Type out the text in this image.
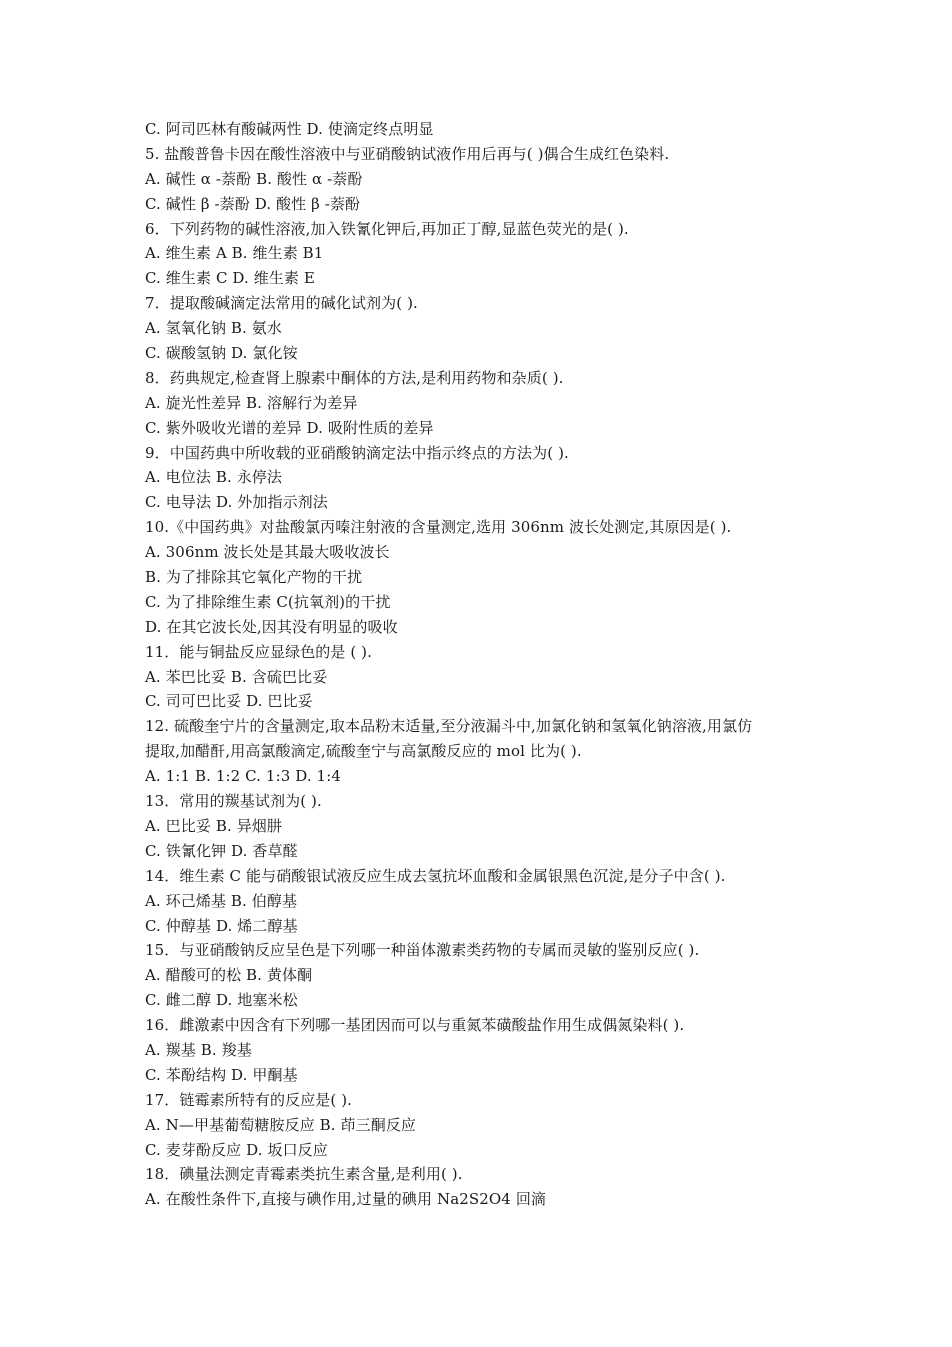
C. 阿司匹林有酸碱两性 D. 使滴定终点明显
5. 盐酸普鲁卡因在酸性溶液中与亚硝酸钠试液作用后再与( )偶合生成红色染料.
A. 碱性 α -萘酚 B. 酸性 α -萘酚
C. 碱性 β -萘酚 D. 酸性 β -萘酚
6．下列药物的碱性溶液,加入铁氰化钾后,再加正丁醇,显蓝色荧光的是( ).
A. 维生素 A B. 维生素 B1
C. 维生素 C D. 维生素 E
7．提取酸碱滴定法常用的碱化试剂为( ).
A. 氢氧化钠 B. 氨水
C. 碳酸氢钠 D. 氯化铵
8．药典规定,检查肾上腺素中酮体的方法,是利用药物和杂质( ).
A. 旋光性差异 B. 溶解行为差异
C. 紫外吸收光谱的差异 D. 吸附性质的差异
9．中国药典中所收载的亚硝酸钠滴定法中指示终点的方法为( ).
A. 电位法 B. 永停法
C. 电导法 D. 外加指示剂法
10.《中国药典》对盐酸氯丙嗪注射液的含量测定,选用 306nm 波长处测定,其原因是( ).
A. 306nm 波长处是其最大吸收波长
B. 为了排除其它氧化产物的干扰
C. 为了排除维生素 C(抗氧剂)的干扰
D. 在其它波长处,因其没有明显的吸收
11．能与铜盐反应显绿色的是 ( ).
A. 苯巴比妥 B. 含硫巴比妥
C. 司可巴比妥 D. 巴比妥
12. 硫酸奎宁片的含量测定,取本品粉末适量,至分液漏斗中,加氯化钠和氢氧化钠溶液,用氯仿
提取,加醋酐,用高氯酸滴定,硫酸奎宁与高氯酸反应的 mol 比为( ).
A. 1:1 B. 1:2 C. 1:3 D. 1:4
13．常用的羰基试剂为( ).
A. 巴比妥 B. 异烟肼
C. 铁氰化钾 D. 香草醛
14．维生素 C 能与硝酸银试液反应生成去氢抗坏血酸和金属银黑色沉淀,是分子中含( ).
A. 环己烯基 B. 伯醇基
C. 仲醇基 D. 烯二醇基
15．与亚硝酸钠反应呈色是下列哪一种甾体激素类药物的专属而灵敏的鉴别反应( ).
A. 醋酸可的松 B. 黄体酮
C. 雌二醇 D. 地塞米松
16．雌激素中因含有下列哪一基团因而可以与重氮苯磺酸盐作用生成偶氮染料( ).
A. 羰基 B. 羧基
C. 苯酚结构 D. 甲酮基
17．链霉素所特有的反应是( ).
A. N—甲基葡萄糖胺反应 B. 茚三酮反应
C. 麦芽酚反应 D. 坂口反应
18．碘量法测定青霉素类抗生素含量,是利用( ).
A. 在酸性条件下,直接与碘作用,过量的碘用 Na2S2O4 回滴
